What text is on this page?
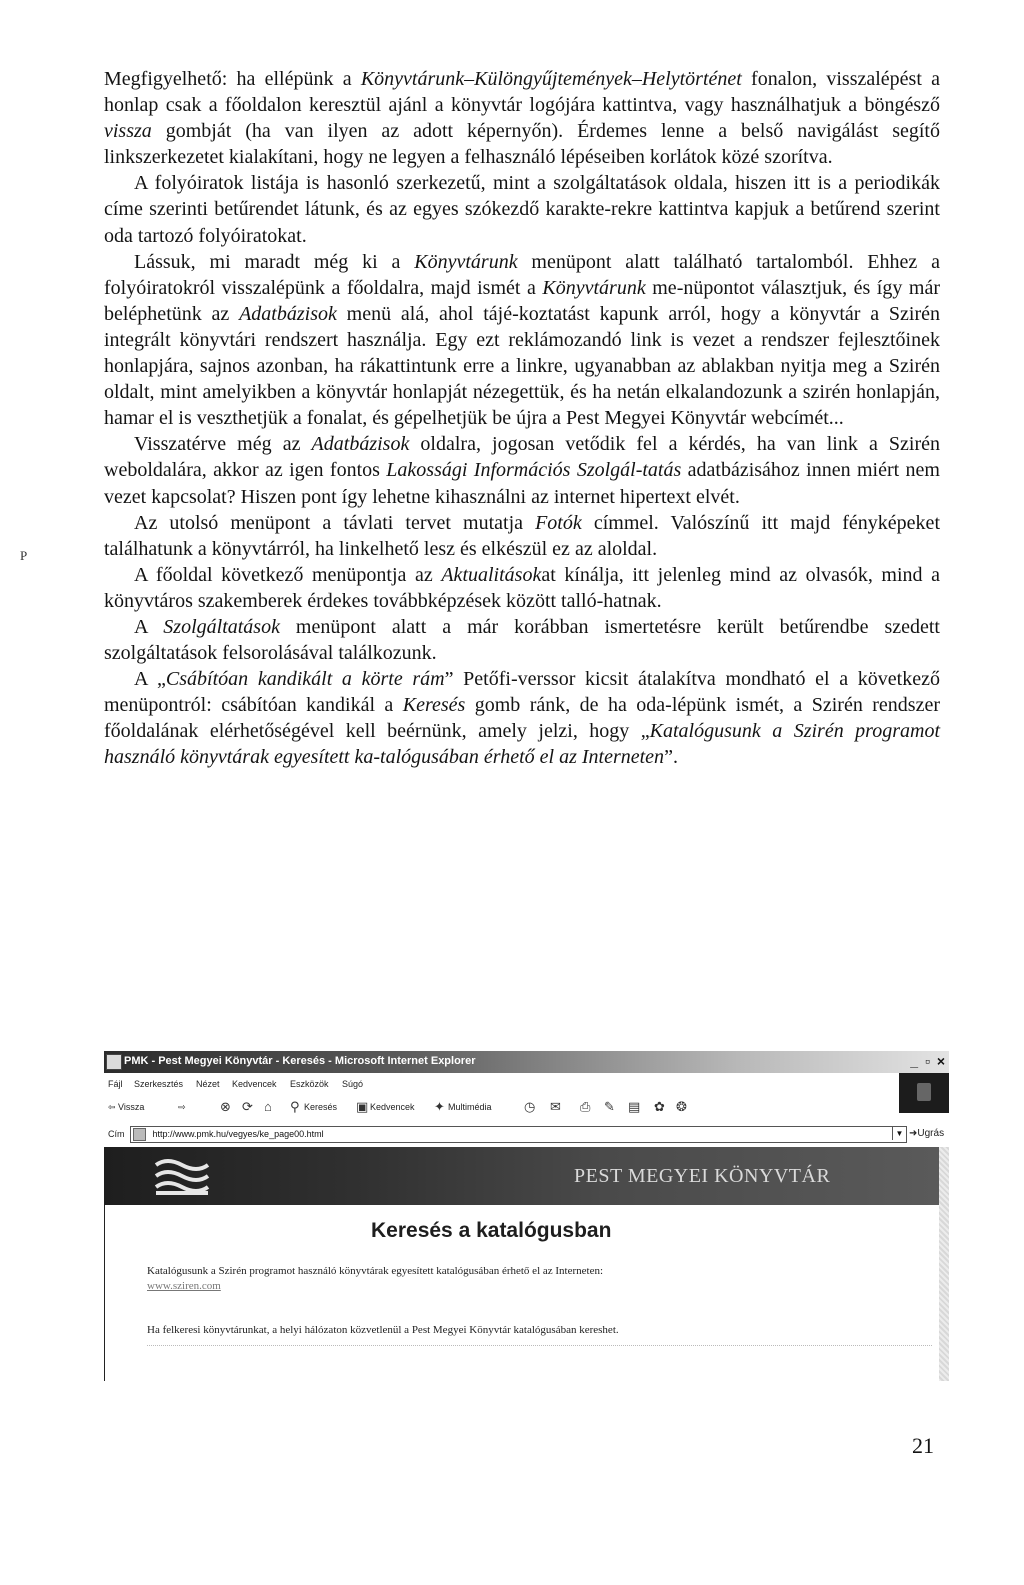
Megfigyelhető: ha ellépünk a Könyvtárunk–Különgyűjtemények–Helytörténet fonalon, visszalépést a honlap csak a főoldalon keresztül ajánl a könyvtár logójára kattintva, vagy használhatjuk a böngésző vissza gombját (ha van ilyen az adott képernyőn). Érdemes lenne a belső navigálást segítő linkszerkezetet kialakítani, hogy ne legyen a felhasználó lépéseiben korlátok közé szorítva.

A folyóiratok listája is hasonló szerkezetű, mint a szolgáltatások oldala, hiszen itt is a periodikák címe szerinti betűrendet látunk, és az egyes szókezdő karakte-rekre kattintva kapjuk a betűrend szerint oda tartozó folyóiratokat.

Lássuk, mi maradt még ki a Könyvtárunk menüpont alatt található tartalomból. Ehhez a folyóiratokról visszalépünk a főoldalra, majd ismét a Könyvtárunk me-nüpontot választjuk, és így már beléphetünk az Adatbázisok menü alá, ahol tájé-koztatást kapunk arról, hogy a könyvtár a Szirén integrált könyvtári rendszert használja. Egy ezt reklámozandó link is vezet a rendszer fejlesztőinek honlapjára, sajnos azonban, ha rákattintunk erre a linkre, ugyanabban az ablakban nyitja meg a Szirén oldalt, mint amelyikben a könyvtár honlapját nézegettük, és ha netán elkalandozunk a szirén honlapján, hamar el is veszthetjük a fonalat, és gépelhetjük be újra a Pest Megyei Könyvtár webcímét...

Visszatérve még az Adatbázisok oldalra, jogosan vetődik fel a kérdés, ha van link a Szirén weboldalára, akkor az igen fontos Lakossági Információs Szolgál-tatás adatbázisához innen miért nem vezet kapcsolat? Hiszen pont így lehetne kihasználni az internet hipertext elvét.

Az utolsó menüpont a távlati tervet mutatja Fotók címmel. Valószínű itt majd fényképeket találhatunk a könyvtárról, ha linkelhető lesz és elkészül ez az aloldal.

A főoldal következő menüpontja az Aktualitásokat kínálja, itt jelenleg mind az olvasók, mind a könyvtáros szakemberek érdekes továbbképzések között talló-hatnak.

A Szolgáltatások menüpont alatt a már korábban ismertetésre került betűrendbe szedett szolgáltatások felsorolásával találkozunk.

A „Csábítóan kandikált a körte rám” Petőfi-verssor kicsit átalakítva mondható el a következő menüpontról: csábítóan kandikál a Keresés gomb ránk, de ha oda-lépünk ismét, a Szirén rendszer főoldalának elérhetőségével kell beérnünk, amely jelzi, hogy „Katalógusunk a Szirén programot használó könyvtárak egyesített ka-talógusában érhető el az Interneten”.

P
PMK - Pest Megyei Könyvtár - Keresés - Microsoft Internet Explorer	_ ▫ ×
Fájl Szerkesztés Nézet Kedvencek Eszközök Súgó
⇦ Vissza	⇨	⊗ ⟳ ⌂ ⚲ Keresés ▣ Kedvencek ✦ Multimédia ◷ ✉ ⎙ ✎ ▤ ✿ ❂
Cím	http://www.pmk.hu/vegyes/ke_page00.html	▼ ➜Ugrás
PEST MEGYEI KÖNYVTÁR
Keresés a katalógusban
Katalógusunk a Szirén programot használó könyvtárak egyesített katalógusában érhető el az Interneten:
www.sziren.com
Ha felkeresi könyvtárunkat, a helyi hálózaton közvetlenül a Pest Megyei Könyvtár katalógusában kereshet.
21
